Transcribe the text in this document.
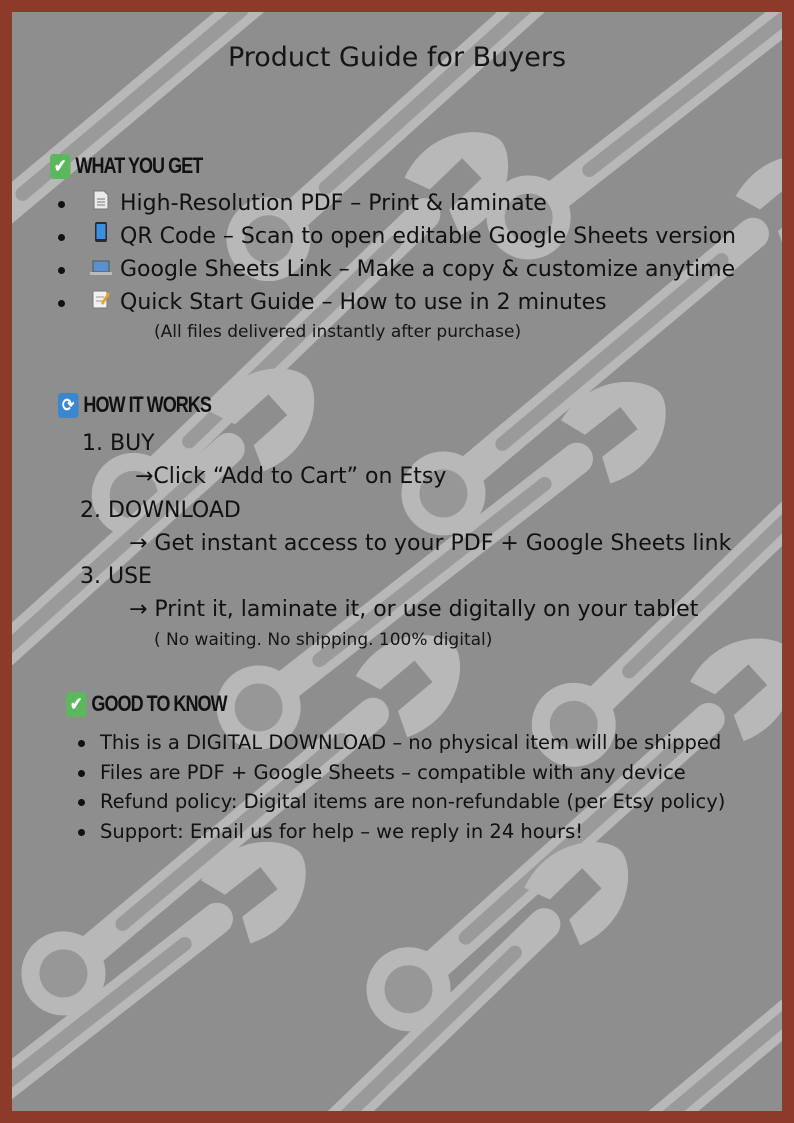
Product Guide for Buyers
✔ WHAT YOU GET
High-Resolution PDF – Print & laminate
QR Code – Scan to open editable Google Sheets version
Google Sheets Link – Make a copy & customize anytime
Quick Start Guide – How to use in 2 minutes
(All files delivered instantly after purchase)
⟳ HOW IT WORKS
1. BUY
→Click “Add to Cart” on Etsy
2. DOWNLOAD
→ Get instant access to your PDF + Google Sheets link
3. USE
→ Print it, laminate it, or use digitally on your tablet
( No waiting. No shipping. 100% digital)
✔ GOOD TO KNOW
This is a DIGITAL DOWNLOAD – no physical item will be shipped
Files are PDF + Google Sheets – compatible with any device
Refund policy: Digital items are non-refundable (per Etsy policy)
Support: Email us for help – we reply in 24 hours!
